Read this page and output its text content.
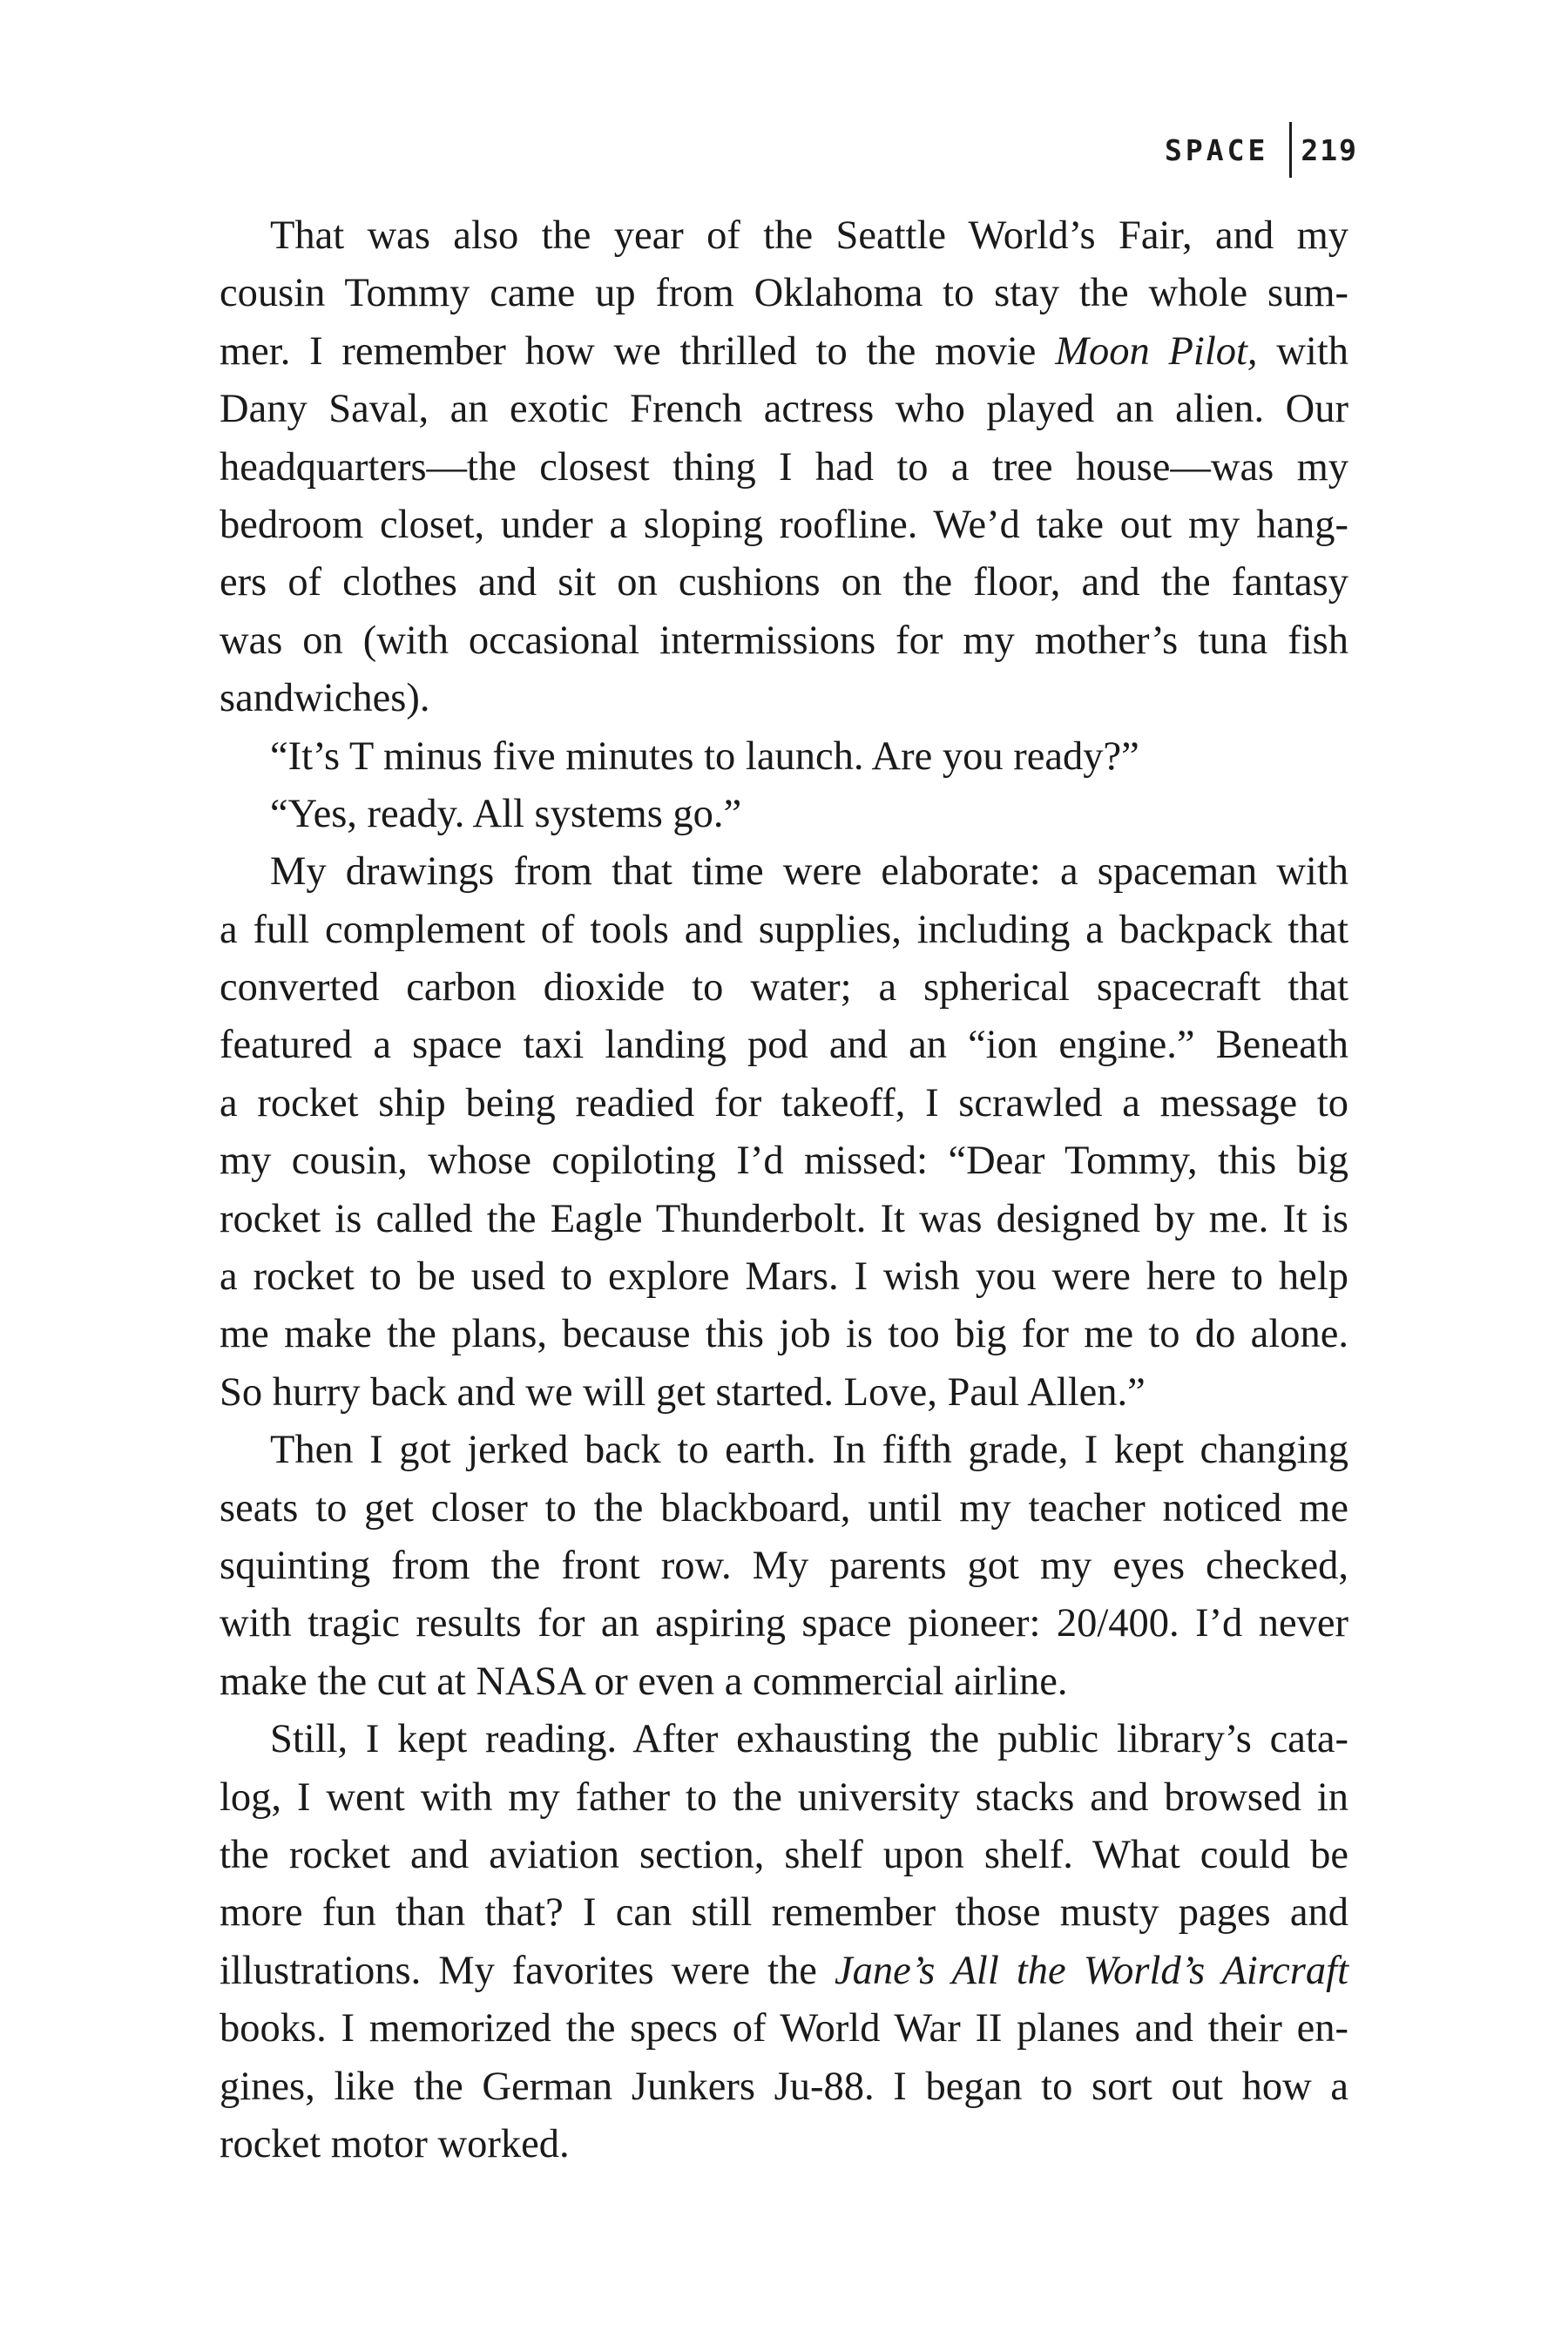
SPACE	219
That was also the year of the Seattle World’s Fair, and my
cousin Tommy came up from Oklahoma to stay the whole sum-
mer. I remember how we thrilled to the movie Moon Pilot, with
Dany Saval, an exotic French actress who played an alien. Our
headquarters—the closest thing I had to a tree house—was my
bedroom closet, under a sloping roofline. We’d take out my hang-
ers of clothes and sit on cushions on the floor, and the fantasy
was on (with occasional intermissions for my mother’s tuna fish
sandwiches).
“It’s T minus five minutes to launch. Are you ready?”
“Yes, ready. All systems go.”
My drawings from that time were elaborate: a spaceman with
a full complement of tools and supplies, including a backpack that
converted carbon dioxide to water; a spherical spacecraft that
featured a space taxi landing pod and an “ion engine.” Beneath
a rocket ship being readied for takeoff, I scrawled a message to
my cousin, whose copiloting I’d missed: “Dear Tommy, this big
rocket is called the Eagle Thunderbolt. It was designed by me. It is
a rocket to be used to explore Mars. I wish you were here to help
me make the plans, because this job is too big for me to do alone.
So hurry back and we will get started. Love, Paul Allen.”
Then I got jerked back to earth. In fifth grade, I kept changing
seats to get closer to the blackboard, until my teacher noticed me
squinting from the front row. My parents got my eyes checked,
with tragic results for an aspiring space pioneer: 20/400. I’d never
make the cut at NASA or even a commercial airline.
Still, I kept reading. After exhausting the public library’s cata-
log, I went with my father to the university stacks and browsed in
the rocket and aviation section, shelf upon shelf. What could be
more fun than that? I can still remember those musty pages and
illustrations. My favorites were the Jane’s All the World’s Aircraft
books. I memorized the specs of World War II planes and their en-
gines, like the German Junkers Ju-88. I began to sort out how a
rocket motor worked.
